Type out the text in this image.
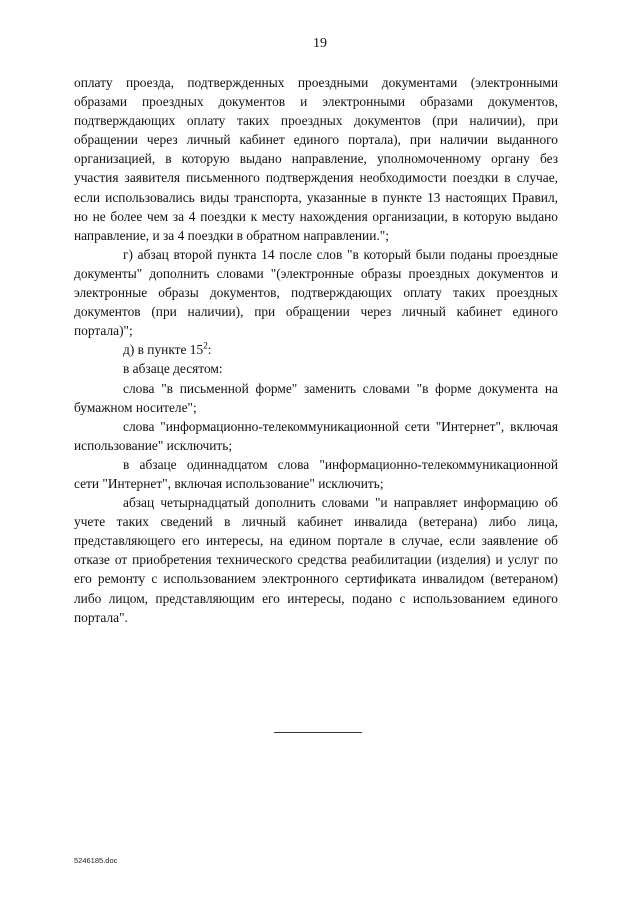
19

оплату проезда, подтвержденных проездными документами (электронными образами проездных документов и электронными образами документов, подтверждающих оплату таких проездных документов (при наличии), при обращении через личный кабинет единого портала), при наличии выданного организацией, в которую выдано направление, уполномоченному органу без участия заявителя письменного подтверждения необходимости поездки в случае, если использовались виды транспорта, указанные в пункте 13 настоящих Правил, но не более чем за 4 поездки к месту нахождения организации, в которую выдано направление, и за 4 поездки в обратном направлении.";

г) абзац второй пункта 14 после слов "в который были поданы проездные документы" дополнить словами "(электронные образы проездных документов и электронные образы документов, подтверждающих оплату таких проездных документов (при наличии), при обращении через личный кабинет единого портала)";

д) в пункте $15^2$:

в абзаце десятом:

слова "в письменной форме" заменить словами "в форме документа на бумажном носителе";

слова "информационно-телекоммуникационной сети "Интернет", включая использование" исключить;

в абзаце одиннадцатом слова "информационно-телекоммуникационной сети "Интернет", включая использование" исключить;

абзац четырнадцатый дополнить словами "и направляет информацию об учете таких сведений в личный кабинет инвалида (ветерана) либо лица, представляющего его интересы, на едином портале в случае, если заявление об отказе от приобретения технического средства реабилитации (изделия) и услуг по его ремонту с использованием электронного сертификата инвалидом (ветераном) либо лицом, представляющим его интересы, подано с использованием единого портала".

5246185.doc
